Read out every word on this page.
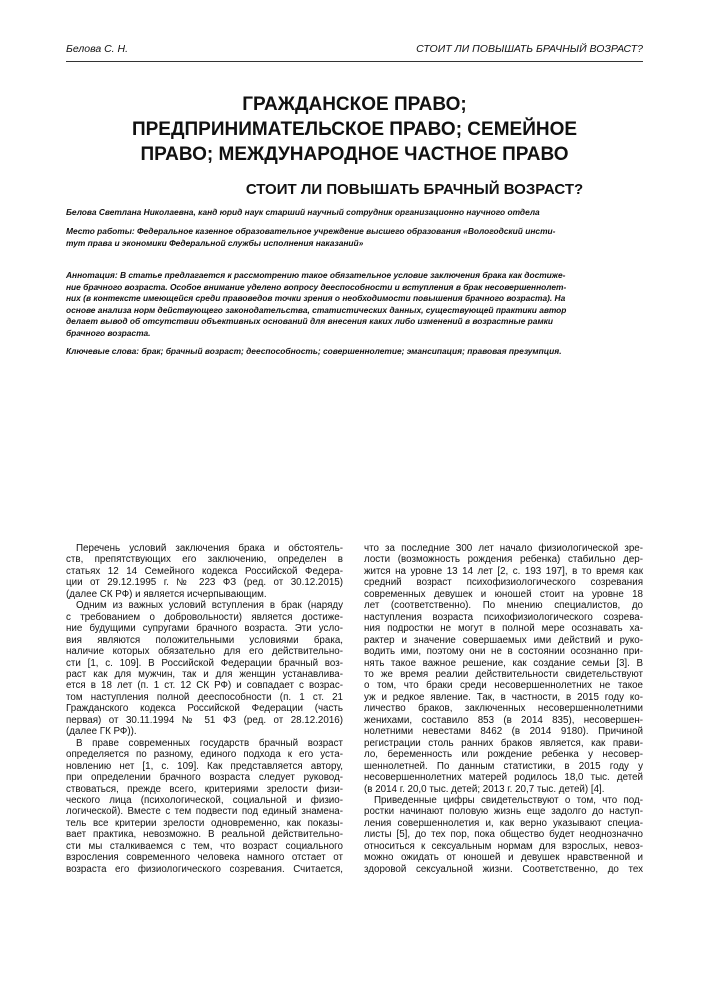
Белова С. Н.	СТОИТ ЛИ ПОВЫШАТЬ БРАЧНЫЙ ВОЗРАСТ?
ГРАЖДАНСКОЕ ПРАВО;
ПРЕДПРИНИМАТЕЛЬСКОЕ ПРАВО; СЕМЕЙНОЕ
ПРАВО; МЕЖДУНАРОДНОЕ ЧАСТНОЕ ПРАВО
СТОИТ ЛИ ПОВЫШАТЬ БРАЧНЫЙ ВОЗРАСТ?
Белова Светлана Николаевна, канд юрид наук старший научный сотрудник организационно научного отдела
Место работы: Федеральное казенное образовательное учреждение высшего образования «Вологодский инсти-
тут права и экономики Федеральной службы исполнения наказаний»
Аннотация: В статье предлагается к рассмотрению такое обязательное условие заключения брака как достиже-
ние брачного возраста. Особое внимание уделено вопросу дееспособности и вступления в брак несовершеннолет-
них (в контексте имеющейся среди правоведов точки зрения о необходимости повышения брачного возраста). На
основе анализа норм действующего законодательства, статистических данных, существующей практики автор
делает вывод об отсутствии объективных оснований для внесения каких либо изменений в возрастные рамки
брачного возраста.
Ключевые слова: брак; брачный возраст; дееспособность; совершеннолетие; эмансипация; правовая презумпция.
Перечень условий заключения брака и обстоятель-
ств, препятствующих его заключению, определен в
статьях 12 14 Семейного кодекса Российской Федера-
ции от 29.12.1995 г. № 223 ФЗ (ред. от 30.12.2015)
(далее СК РФ) и является исчерпывающим.
Одним из важных условий вступления в брак (наряду
с требованием о добровольности) является достиже-
ние будущими супругами брачного возраста. Эти усло-
вия являются положительными условиями брака,
наличие которых обязательно для его действительно-
сти [1, с. 109]. В Российской Федерации брачный воз-
раст как для мужчин, так и для женщин устанавлива-
ется в 18 лет (п. 1 ст. 12 СК РФ) и совпадает с возрас-
том наступления полной дееспособности (п. 1 ст. 21
Гражданского кодекса Российской Федерации (часть
первая) от 30.11.1994 № 51 ФЗ (ред. от 28.12.2016)
(далее ГК РФ)).
В праве современных государств брачный возраст
определяется по разному, единого подхода к его уста-
новлению нет [1, с. 109]. Как представляется автору,
при определении брачного возраста следует руковод-
ствоваться, прежде всего, критериями зрелости физи-
ческого лица (психологической, социальной и физио-
логической). Вместе с тем подвести под единый знамена-
тель все критерии зрелости одновременно, как показы-
вает практика, невозможно. В реальной действительно-
сти мы сталкиваемся с тем, что возраст социального
взросления современного человека намного отстает от
возраста его физиологического созревания. Считается,
что за последние 300 лет начало физиологической зре-
лости (возможность рождения ребенка) стабильно дер-
жится на уровне 13 14 лет [2, с. 193 197], в то время как
средний возраст психофизиологического созревания
современных девушек и юношей стоит на уровне 18
лет (соответственно). По мнению специалистов, до
наступления возраста психофизиологического созрева-
ния подростки не могут в полной мере осознавать ха-
рактер и значение совершаемых ими действий и руко-
водить ими, поэтому они не в состоянии осознанно при-
нять такое важное решение, как создание семьи [3]. В
то же время реалии действительности свидетельствуют
о том, что браки среди несовершеннолетних не такое
уж и редкое явление. Так, в частности, в 2015 году ко-
личество браков, заключенных несовершеннолетними
женихами, составило 853 (в 2014 835), несовершен-
нолетними невестами 8462 (в 2014 9180). Причиной
регистрации столь ранних браков является, как прави-
ло, беременность или рождение ребенка у несовер-
шеннолетней. По данным статистики, в 2015 году у
несовершеннолетних матерей родилось 18,0 тыс. детей
(в 2014 г. 20,0 тыс. детей; 2013 г. 20,7 тыс. детей) [4].
Приведенные цифры свидетельствуют о том, что под-
ростки начинают половую жизнь еще задолго до наступ-
ления совершеннолетия и, как верно указывают специа-
листы [5], до тех пор, пока общество будет неоднозначно
относиться к сексуальным нормам для взрослых, невоз-
можно ожидать от юношей и девушек нравственной и
здоровой сексуальной жизни. Соответственно, до тех
